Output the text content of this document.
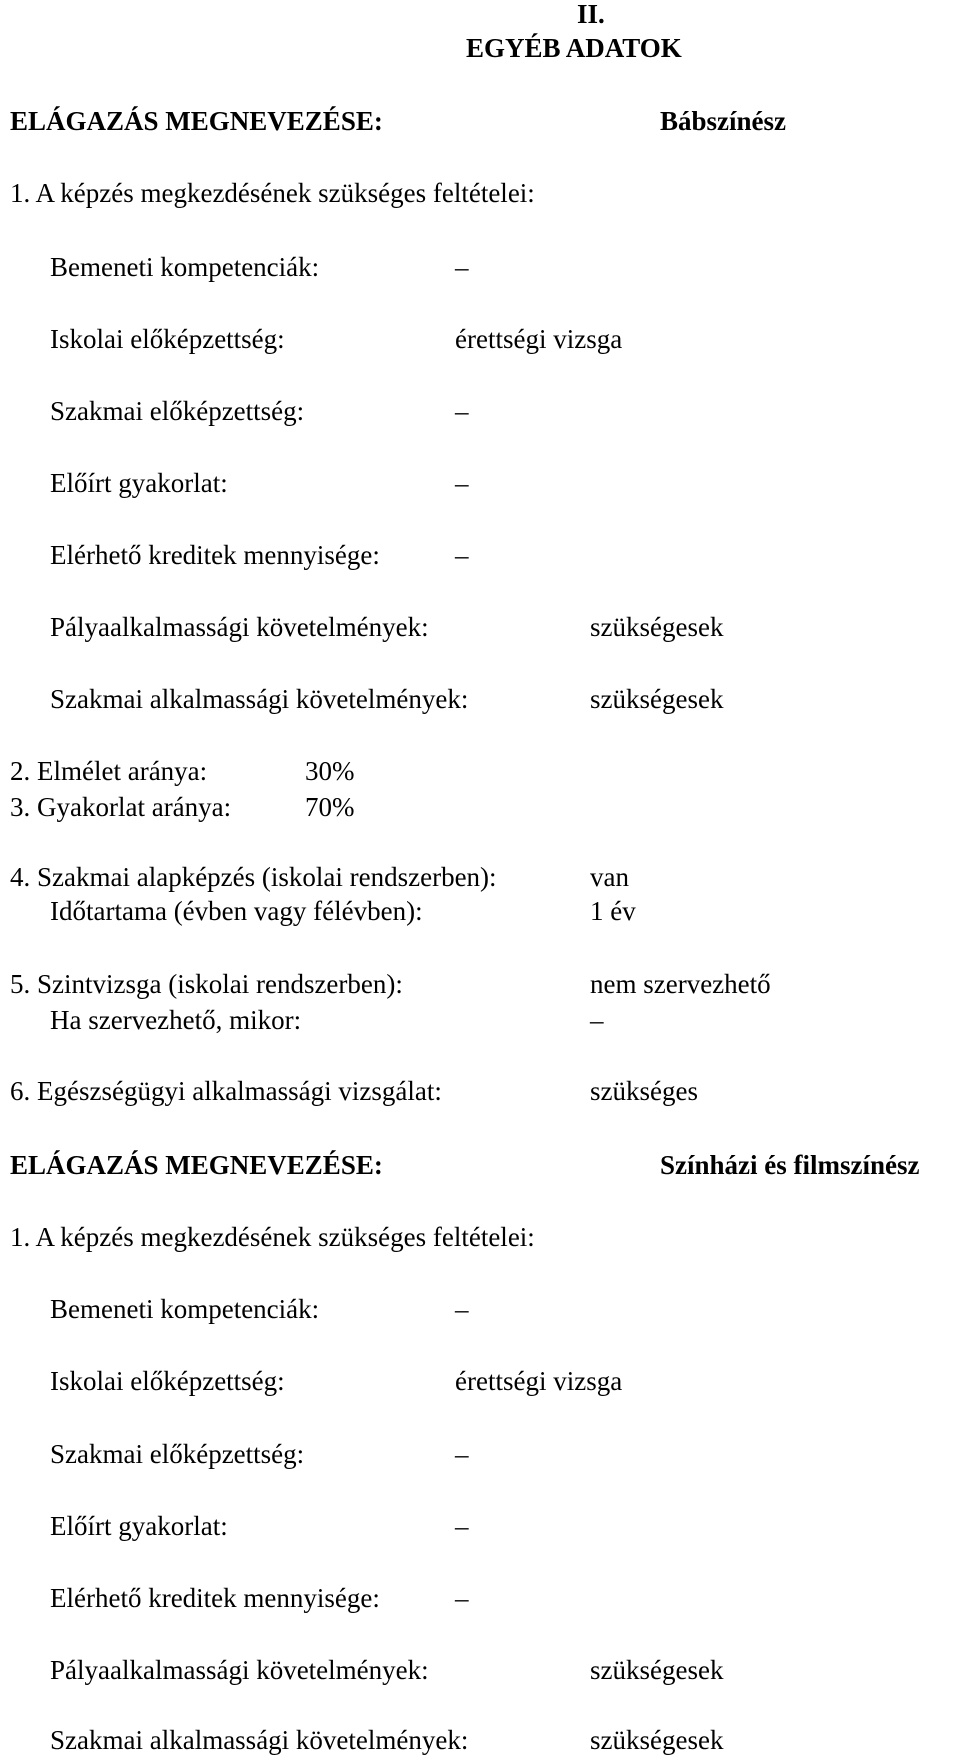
II.
EGYÉB ADATOK
ELÁGAZÁS MEGNEVEZÉSE:	Bábszínész
1. A képzés megkezdésének szükséges feltételei:
Bemeneti kompetenciák:	–
Iskolai előképzettség:	érettségi vizsga
Szakmai előképzettség:	–
Előírt gyakorlat:	–
Elérhető kreditek mennyisége:	–
Pályaalkalmassági követelmények:	szükségesek
Szakmai alkalmassági követelmények:	szükségesek
2. Elmélet aránya:	30%
3. Gyakorlat aránya:	70%
4. Szakmai alapképzés (iskolai rendszerben):	van
Időtartama (évben vagy félévben):	1 év
5. Szintvizsga (iskolai rendszerben):	nem szervezhető
Ha szervezhető, mikor:	–
6. Egészségügyi alkalmassági vizsgálat:	szükséges
ELÁGAZÁS MEGNEVEZÉSE:	Színházi és filmszínész
1. A képzés megkezdésének szükséges feltételei:
Bemeneti kompetenciák:	–
Iskolai előképzettség:	érettségi vizsga
Szakmai előképzettség:	–
Előírt gyakorlat:	–
Elérhető kreditek mennyisége:	–
Pályaalkalmassági követelmények:	szükségesek
Szakmai alkalmassági követelmények:	szükségesek
